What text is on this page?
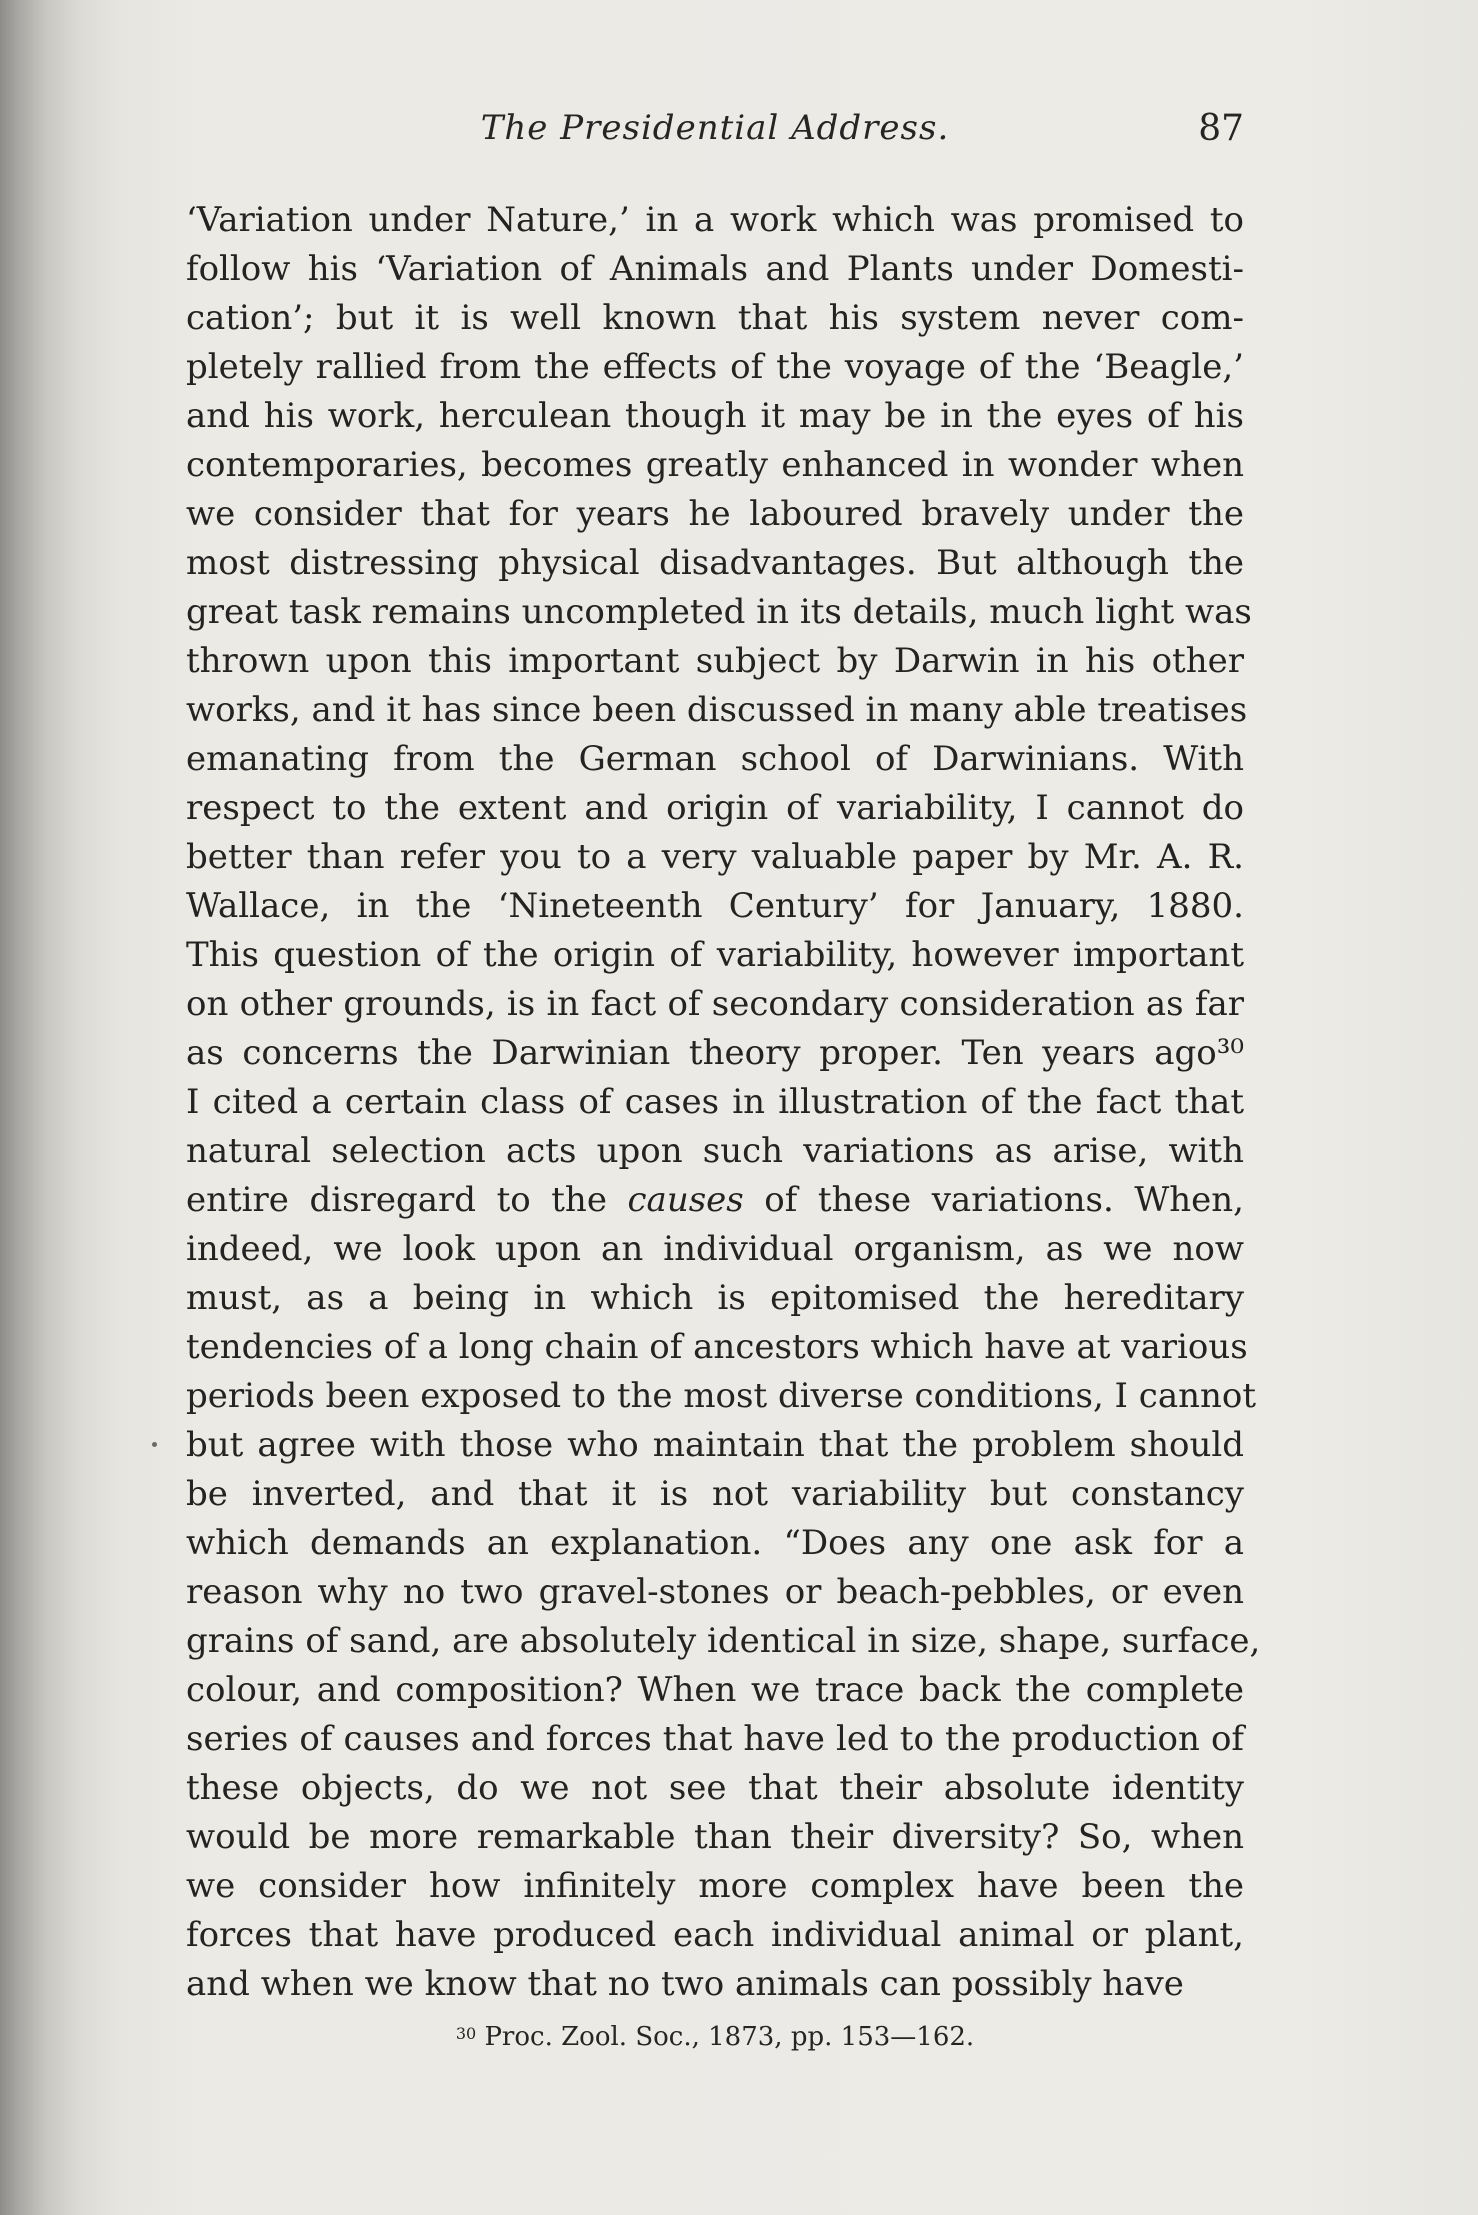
The Presidential Address.	87
‘Variation under Nature,’ in a work which was promised to
follow his ‘Variation of Animals and Plants under Domesti-
cation’; but it is well known that his system never com-
pletely rallied from the effects of the voyage of the ‘Beagle,’
and his work, herculean though it may be in the eyes of his
contemporaries, becomes greatly enhanced in wonder when
we consider that for years he laboured bravely under the
most distressing physical disadvantages. But although the
great task remains uncompleted in its details, much light was
thrown upon this important subject by Darwin in his other
works, and it has since been discussed in many able treatises
emanating from the German school of Darwinians. With
respect to the extent and origin of variability, I cannot do
better than refer you to a very valuable paper by Mr. A. R.
Wallace, in the ‘Nineteenth Century’ for January, 1880.
This question of the origin of variability, however important
on other grounds, is in fact of secondary consideration as far
as concerns the Darwinian theory proper. Ten years ago³⁰
I cited a certain class of cases in illustration of the fact that
natural selection acts upon such variations as arise, with
entire disregard to the causes of these variations. When,
indeed, we look upon an individual organism, as we now
must, as a being in which is epitomised the hereditary
tendencies of a long chain of ancestors which have at various
periods been exposed to the most diverse conditions, I cannot
but agree with those who maintain that the problem should
be inverted, and that it is not variability but constancy
which demands an explanation. “Does any one ask for a
reason why no two gravel-stones or beach-pebbles, or even
grains of sand, are absolutely identical in size, shape, surface,
colour, and composition? When we trace back the complete
series of causes and forces that have led to the production of
these objects, do we not see that their absolute identity
would be more remarkable than their diversity? So, when
we consider how infinitely more complex have been the
forces that have produced each individual animal or plant,
and when we know that no two animals can possibly have
$^{30}$ Proc. Zool. Soc., 1873, pp. 153—162.
